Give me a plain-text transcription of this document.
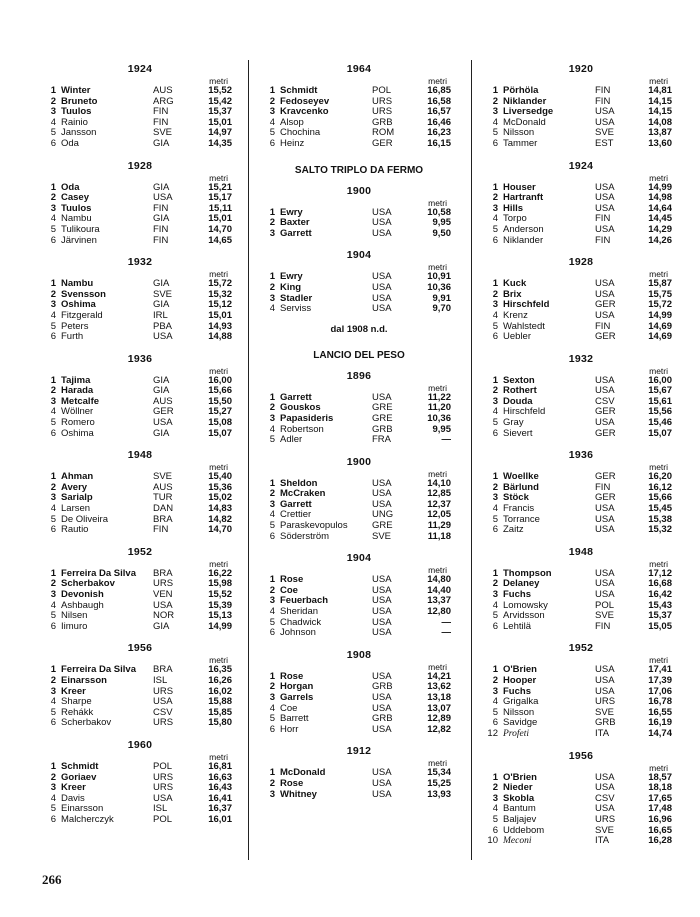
1924
metri
1 Winter	AUS	15,52
2 Bruneto	ARG	15,42
3 Tuulos	FIN	15,37
4 Rainio	FIN	15,01
5 Jansson	SVE	14,97
6 Oda	GIA	14,35
1928
metri
1 Oda	GIA	15,21
2 Casey	USA	15,17
3 Tuulos	FIN	15,11
4 Nambu	GIA	15,01
5 Tulikoura	FIN	14,70
6 Järvinen	FIN	14,65
1932
metri
1 Nambu	GIA	15,72
2 Svensson	SVE	15,32
3 Oshima	GIA	15,12
4 Fitzgerald	IRL	15,01
5 Peters	PBA	14,93
6 Furth	USA	14,88
1936
metri
1 Tajima	GIA	16,00
2 Harada	GIA	15,66
3 Metcalfe	AUS	15,50
4 Wöllner	GER	15,27
5 Romero	USA	15,08
6 Oshima	GIA	15,07
1948
metri
1 Ahman	SVE	15,40
2 Avery	AUS	15,36
3 Sarialp	TUR	15,02
4 Larsen	DAN	14,83
5 De Oliveira	BRA	14,82
6 Rautio	FIN	14,70
1952
metri
1 Ferreira Da Silva	BRA	16,22
2 Scherbakov	URS	15,98
3 Devonish	VEN	15,52
4 Ashbaugh	USA	15,39
5 Nilsen	NOR	15,13
6 Iimuro	GIA	14,99
1956
metri
1 Ferreira Da Silva	BRA	16,35
2 Einarsson	ISL	16,26
3 Kreer	URS	16,02
4 Sharpe	USA	15,88
5 Rehákk	CSV	15,85
6 Scherbakov	URS	15,80
1960
metri
1 Schmidt	POL	16,81
2 Goriaev	URS	16,63
3 Kreer	URS	16,43
4 Davis	USA	16,41
5 Einarsson	ISL	16,37
6 Malcherczyk	POL	16,01
1964
metri
1 Schmidt	POL	16,85
2 Fedoseyev	URS	16,58
3 Kravcenko	URS	16,57
4 Alsop	GRB	16,46
5 Chochina	ROM	16,23
6 Heinz	GER	16,15
SALTO TRIPLO DA FERMO
1900
metri
1 Ewry	USA	10,58
2 Baxter	USA	9,95
3 Garrett	USA	9,50
1904
metri
1 Ewry	USA	10,91
2 King	USA	10,36
3 Stadler	USA	9,91
4 Serviss	USA	9,70
dal 1908 n.d.
LANCIO DEL PESO
1896
metri
1 Garrett	USA	11,22
2 Gouskos	GRE	11,20
3 Papasideris	GRE	10,36
4 Robertson	GRB	9,95
5 Adler	FRA	—
1900
metri
1 Sheldon	USA	14,10
2 McCraken	USA	12,85
3 Garrett	USA	12,37
4 Crettier	UNG	12,05
5 Paraskevopulos	GRE	11,29
6 Söderström	SVE	11,18
1904
metri
1 Rose	USA	14,80
2 Coe	USA	14,40
3 Feuerbach	USA	13,37
4 Sheridan	USA	12,80
5 Chadwick	USA	—
6 Johnson	USA	—
1908
metri
1 Rose	USA	14,21
2 Horgan	GRB	13,62
3 Garrels	USA	13,18
4 Coe	USA	13,07
5 Barrett	GRB	12,89
6 Horr	USA	12,82
1912
metri
1 McDonald	USA	15,34
2 Rose	USA	15,25
3 Whitney	USA	13,93
1920
metri
1 Pörhöla	FIN	14,81
2 Niklander	FIN	14,15
3 Liversedge	USA	14,15
4 McDonald	USA	14,08
5 Nilsson	SVE	13,87
6 Tammer	EST	13,60
1924
metri
1 Houser	USA	14,99
2 Hartranft	USA	14,98
3 Hills	USA	14,64
4 Torpo	FIN	14,45
5 Anderson	USA	14,29
6 Niklander	FIN	14,26
1928
metri
1 Kuck	USA	15,87
2 Brix	USA	15,75
3 Hirschfeld	GER	15,72
4 Krenz	USA	14,99
5 Wahlstedt	FIN	14,69
6 Uebler	GER	14,69
1932
metri
1 Sexton	USA	16,00
2 Rothert	USA	15,67
3 Douda	CSV	15,61
4 Hirschfeld	GER	15,56
5 Gray	USA	15,46
6 Sievert	GER	15,07
1936
metri
1 Woellke	GER	16,20
2 Bärlund	FIN	16,12
3 Stöck	GER	15,66
4 Francis	USA	15,45
5 Torrance	USA	15,38
6 Zaitz	USA	15,32
1948
metri
1 Thompson	USA	17,12
2 Delaney	USA	16,68
3 Fuchs	USA	16,42
4 Lomowsky	POL	15,43
5 Arvidsson	SVE	15,37
6 Lehtilä	FIN	15,05
1952
metri
1 O'Brien	USA	17,41
2 Hooper	USA	17,39
3 Fuchs	USA	17,06
4 Grigalka	URS	16,78
5 Nilsson	SVE	16,55
6 Savidge	GRB	16,19
12 Profeti	ITA	14,74
1956
metri
1 O'Brien	USA	18,57
2 Nieder	USA	18,18
3 Skobla	CSV	17,65
4 Bantum	USA	17,48
5 Baljajev	URS	16,96
6 Uddebom	SVE	16,65
10 Meconi	ITA	16,28
266
